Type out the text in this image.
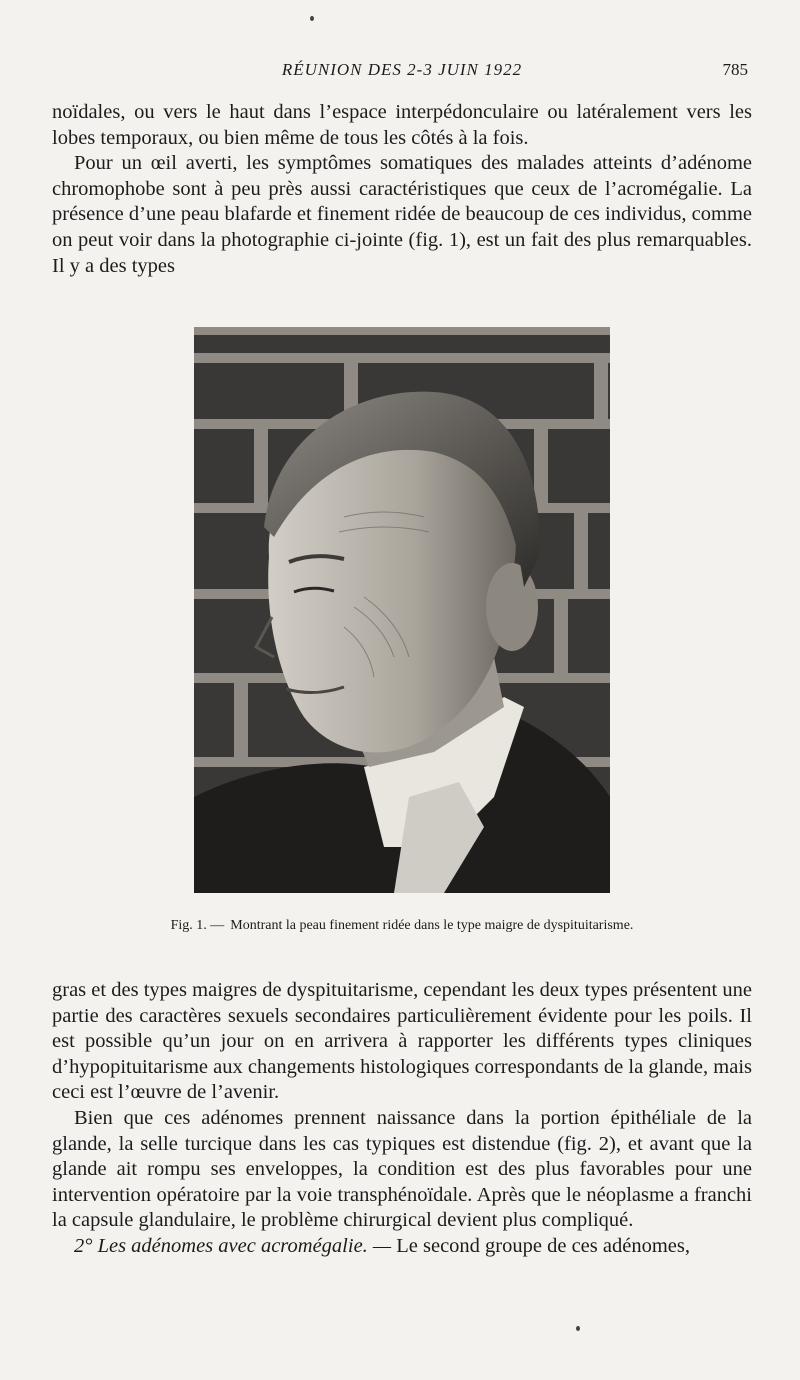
RÉUNION DES 2-3 JUIN 1922	785

noïdales, ou vers le haut dans l’espace interpédonculaire ou latéralement vers les lobes temporaux, ou bien même de tous les côtés à la fois.

Pour un œil averti, les symptômes somatiques des malades atteints d’adénome chromophobe sont à peu près aussi caractéristiques que ceux de l’acromégalie. La présence d’une peau blafarde et finement ridée de beaucoup de ces individus, comme on peut voir dans la photographie ci-jointe (fig. 1), est un fait des plus remarquables. Il y a des types

Fig. 1. — Montrant la peau finement ridée dans le type maigre de dyspituitarisme.

gras et des types maigres de dyspituitarisme, cependant les deux types présentent une partie des caractères sexuels secondaires particulièrement évidente pour les poils. Il est possible qu’un jour on en arrivera à rapporter les différents types cliniques d’hypopituitarisme aux changements histologiques correspondants de la glande, mais ceci est l’œuvre de l’avenir.

Bien que ces adénomes prennent naissance dans la portion épithéliale de la glande, la selle turcique dans les cas typiques est distendue (fig. 2), et avant que la glande ait rompu ses enveloppes, la condition est des plus favorables pour une intervention opératoire par la voie transphénoïdale. Après que le néoplasme a franchi la capsule glandulaire, le problème chirurgical devient plus compliqué.

2° Les adénomes avec acromégalie. — Le second groupe de ces adénomes,
